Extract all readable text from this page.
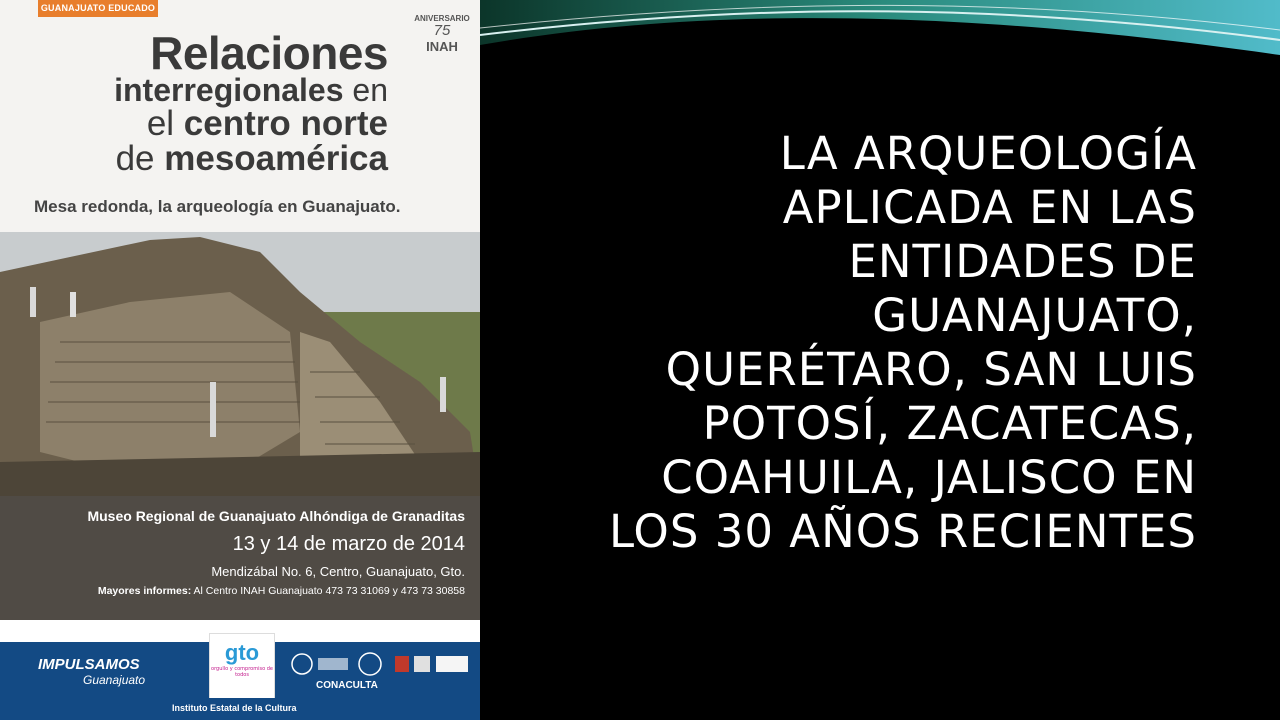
GUANAJUATO EDUCADO
ANIVERSARIO
75
INAH
Relaciones
interregionales en
el centro norte
de mesoamérica
Mesa redonda, la arqueología en Guanajuato.
Museo Regional de Guanajuato Alhóndiga de Granaditas
13 y 14 de marzo de 2014
Mendizábal No. 6, Centro, Guanajuato, Gto.
Mayores informes: Al Centro INAH Guanajuato 473 73 31069 y 473 73 30858
IMPULSAMOS
Guanajuato
gto
orgullo y compromiso de todos
CONACULTA
Instituto Estatal de la Cultura
LA ARQUEOLOGÍA
APLICADA EN LAS
ENTIDADES DE
GUANAJUATO,
QUERÉTARO, SAN LUIS
POTOSÍ, ZACATECAS,
COAHUILA, JALISCO EN
LOS 30 AÑOS RECIENTES
